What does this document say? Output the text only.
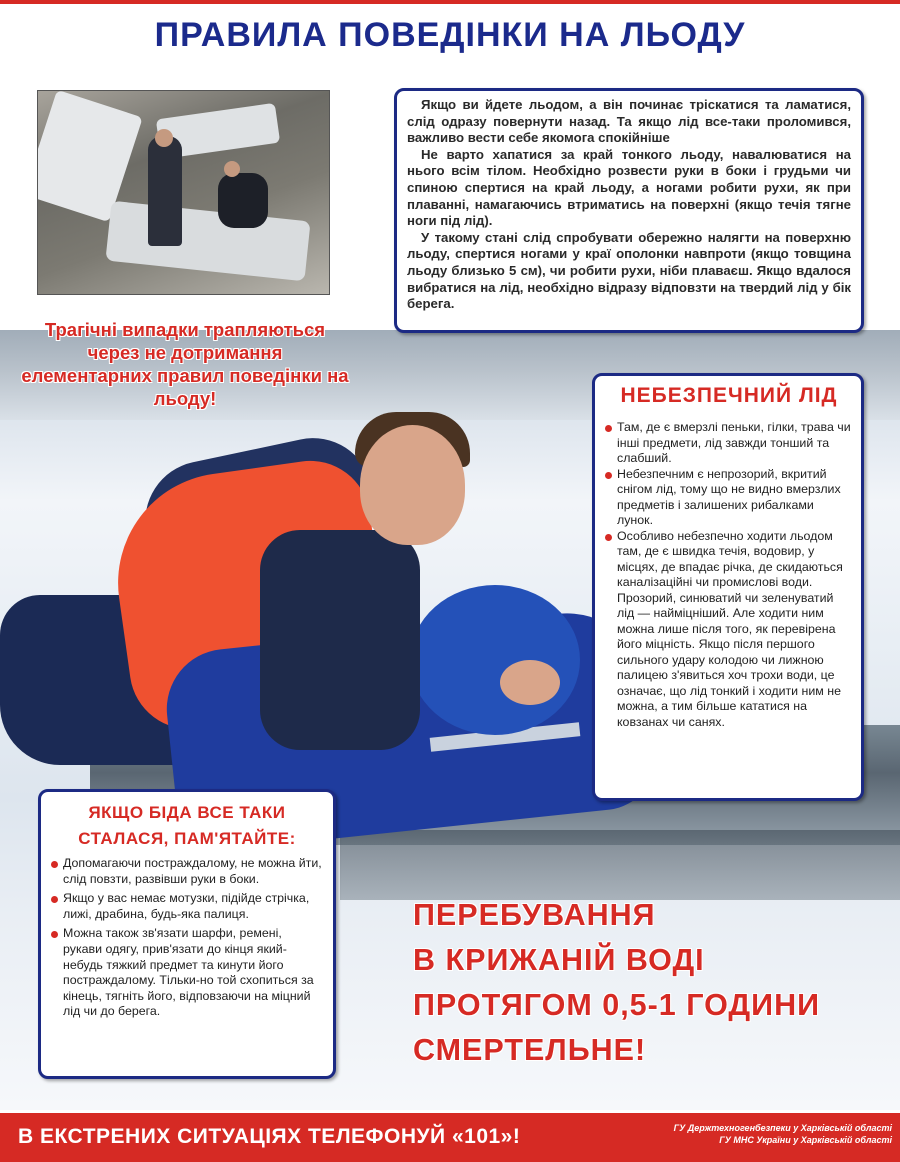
ПРАВИЛА ПОВЕДІНКИ НА ЛЬОДУ

Якщо ви йдете льодом, а він починає тріскатися та ламатися, слід одразу повернути назад. Та якщо лід все-таки проломився, важливо вести себе якомога спокійніше

Не варто хапатися за край тонкого льоду, навалюватися на нього всім тілом. Необхідно розвести руки в боки і грудьми чи спиною спертися на край льоду, а ногами робити рухи, як при плаванні, намагаючись втриматись на поверхні (якщо течія тягне ноги під лід).

У такому стані слід спробувати обережно налягти на поверхню льоду, спертися ногами у краї ополонки навпроти (якщо товщина льоду близько 5 см), чи робити рухи, ніби плаваєш. Якщо вдалося вибратися на лід, необхідно відразу відповзти на твердий лід у бік берега.

Трагічні випадки трапляються через не дотримання елементарних правил поведінки на льоду!	НЕБЕЗПЕЧНИЙ ЛІД
Там, де є вмерзлі пеньки, гілки, трава чи інші предмети, лід завжди тонший та слабший.
Небезпечним є непрозорий, вкритий снігом лід, тому що не видно вмерзлих предметів і залишених рибалками лунок.
Особливо небезпечно ходити льодом там, де є швидка течія, водовир, у місцях, де впадає річка, де скидаються каналізаційні чи промислові води. Прозорий, синюватий чи зеленуватий лід — найміцніший. Але ходити ним можна лише після того, як перевірена його міцність. Якщо після першого сильного удару колодою чи лижною палицею з'явиться хоч трохи води, це означає, що лід тонкий і ходити ним не можна, а тим більше кататися на ковзанах чи санях.
ЯКЩО БІДА ВСЕ ТАКИ СТАЛАСЯ, ПАМ'ЯТАЙТЕ:
Допомагаючи постраждалому, не можна йти, слід повзти, развівши руки в боки.
Якщо у вас немає мотузки, підійде стрічка, лижі, драбина, будь-яка палиця.
Можна також зв'язати шарфи, ремені, рукави одягу, прив'язати до кінця який-небудь тяжкий предмет та кинути його постраждалому. Тільки-но той схопиться за кінець, тягніть його, відповзаючи на міцний лід чи до берега.
ПЕРЕБУВАННЯ
В КРИЖАНІЙ ВОДІ
ПРОТЯГОМ 0,5-1 ГОДИНИ
СМЕРТЕЛЬНЕ!
В ЕКСТРЕНИХ СИТУАЦІЯХ ТЕЛЕФОНУЙ «101»!	ГУ Держтехногенбезпеки у Харківській області
ГУ МНС України у Харківській області
